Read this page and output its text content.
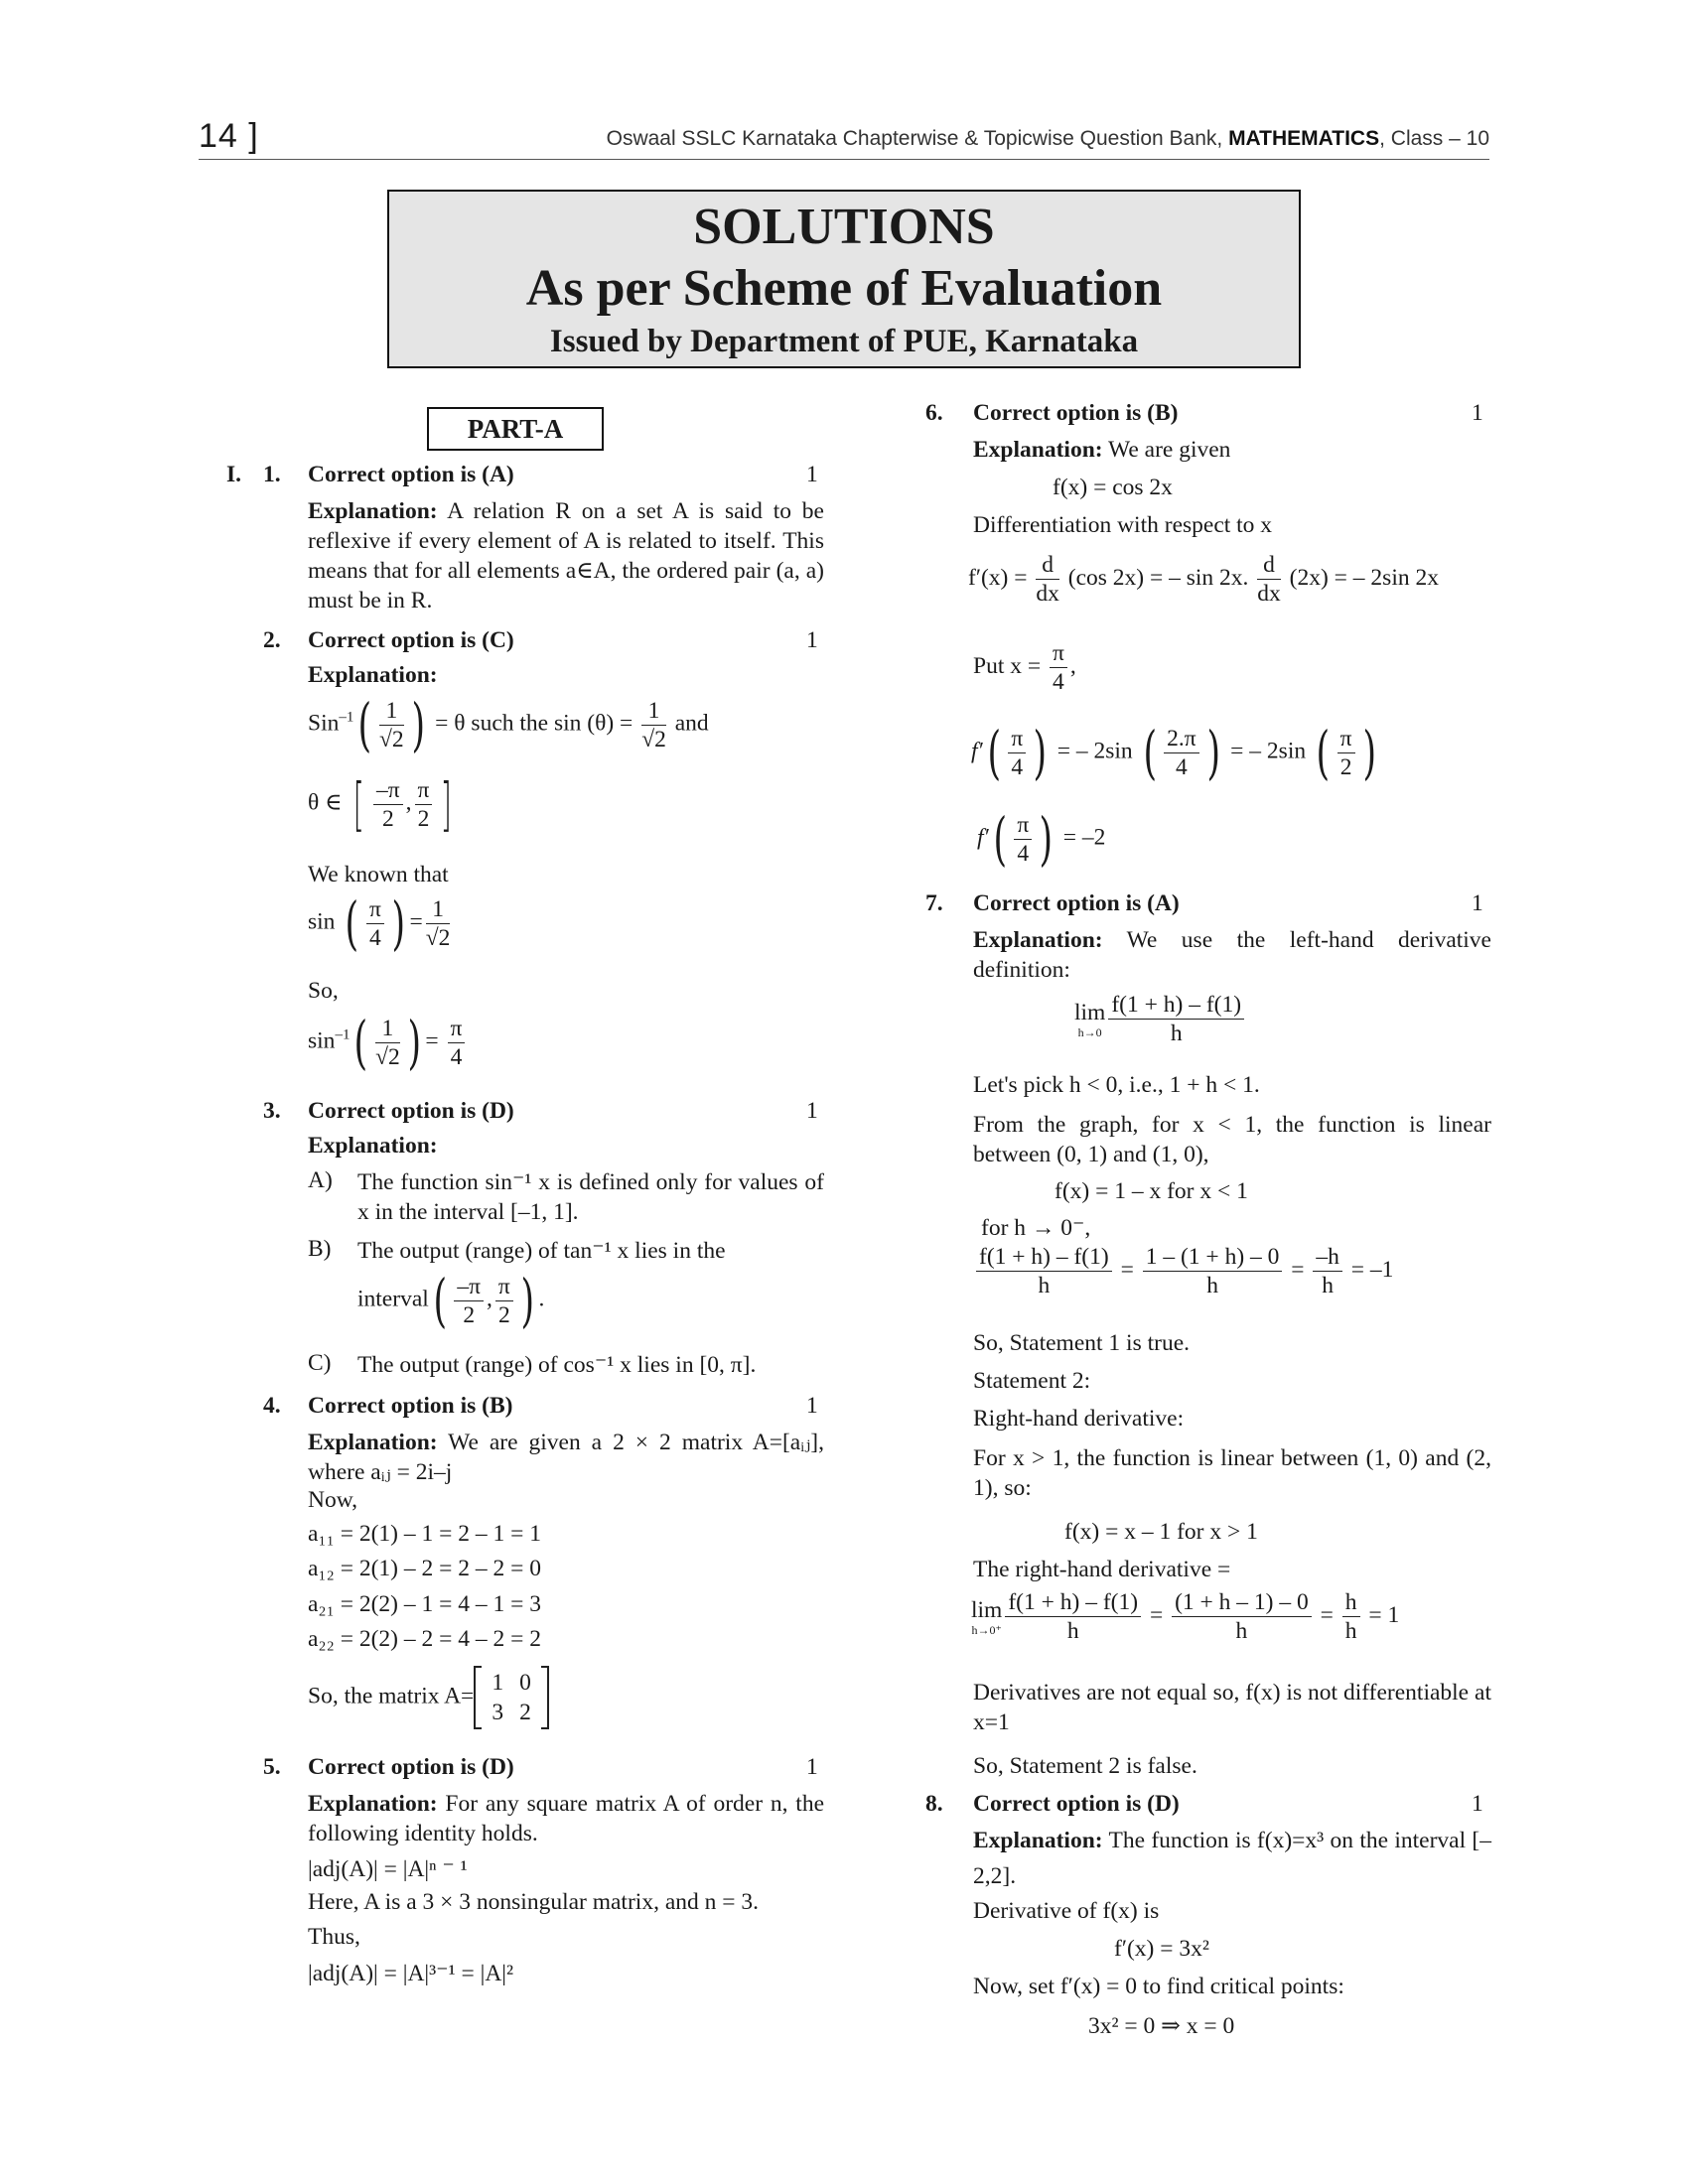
14 ]	Oswaal SSLC Karnataka Chapterwise & Topicwise Question Bank, MATHEMATICS, Class – 10
SOLUTIONS
As per Scheme of Evaluation
Issued by Department of PUE, Karnataka
PART-A
I. 1. Correct option is (A)	1
Explanation: A relation R on a set A is said to be reflexive if every element of A is related to itself. This means that for all elements a∈A, the ordered pair (a, a) must be in R.
2. Correct option is (C)	1
Explanation:
$Sin^{-1}( \frac{1}{√2}$ ) = θ such the $\sin (\theta) = \frac{1}{√2}$ and
θ ∈ [ $\frac{-\pi}{2}$ , $\frac{\pi}{2}$ ]
We known that
sin ( $\frac{\pi}{4}$ ) = $\frac{1}{√2}$
So,
$\sin^{-1}( \frac{1}{√2}$ ) = $\frac{\pi}{4}$
3. Correct option is (D)	1
Explanation:
A) The function sin⁻¹ x is defined only for values of x in the interval [–1, 1].
B) The output (range) of tan⁻¹ x lies in the
interval( $\frac{-\pi}{2}$ , $\frac{\pi}{2}$ ) .
C) The output (range) of cos⁻¹ x lies in [0, π].
4. Correct option is (B)	1
Explanation: We are given a 2 × 2 matrix A=[aᵢⱼ], where aᵢⱼ = 2i–j
Now,
a₁₁ = 2(1) – 1 = 2 – 1 = 1
a₁₂ = 2(1) – 2 = 2 – 2 = 0
a₂₁ = 2(2) – 1 = 4 – 1 = 3
a₂₂ = 2(2) – 2 = 4 – 2 = 2
So, the matrix A=
1	0
3	2
5. Correct option is (D)	1
Explanation: For any square matrix A of order n, the following identity holds.
|adj(A)| = |A|ⁿ ⁻ ¹
Here, A is a 3 × 3 nonsingular matrix, and n = 3.
Thus,
|adj(A)| = |A|³⁻¹ = |A|²
6. Correct option is (B)	1
Explanation: We are given
f(x) = cos 2x
Differentiation with respect to x
$f'(x) = \frac{d}{dx} (\cos$ 2x) = – sin 2x. $\frac{d}{dx} (2x)$ = – 2sin 2x
Put $x = \frac{\pi}{4}$ ,
$f'( \frac{\pi}{4}$ ) = – 2sin ( $\frac{2.\pi}{4}$ ) = – 2sin ( $\frac{\pi}{2}$ )
$f'( \frac{\pi}{4}$ ) = –2
7. Correct option is (A)	1
Explanation: We use the left-hand derivative definition:
lim
$h\to 0 \frac{f(1 + h) - f(1)}{h}$
Let's pick h < 0, i.e., 1 + h < 1.
From the graph, for x < 1, the function is linear between (0, 1) and (1, 0),
f(x) = 1 – x for x < 1
for h → 0⁻,
$\frac{f(1 + h) - f(1)}{h} = \frac{1 - (1 + h) - 0}{h} = \frac{-h}{h} = -1$
So, Statement 1 is true.
Statement 2:
Right-hand derivative:
For x > 1, the function is linear between (1, 0) and (2, 1), so:
f(x) = x – 1 for x > 1
The right-hand derivative =
lim
$h\to 0^+ \frac{f(1 + h) - f(1)}{h} = \frac{(1 + h - 1) - 0}{h} = \frac{h}{h} = 1$
Derivatives are not equal so, f(x) is not differentiable at x=1
So, Statement 2 is false.
8. Correct option is (D)	1
Explanation: The function is f(x)=x³ on the interval [– 2,2].
Derivative of f(x) is
f′(x) = 3x²
Now, set f′(x) = 0 to find critical points:
3x² = 0 ⇒ x = 0
